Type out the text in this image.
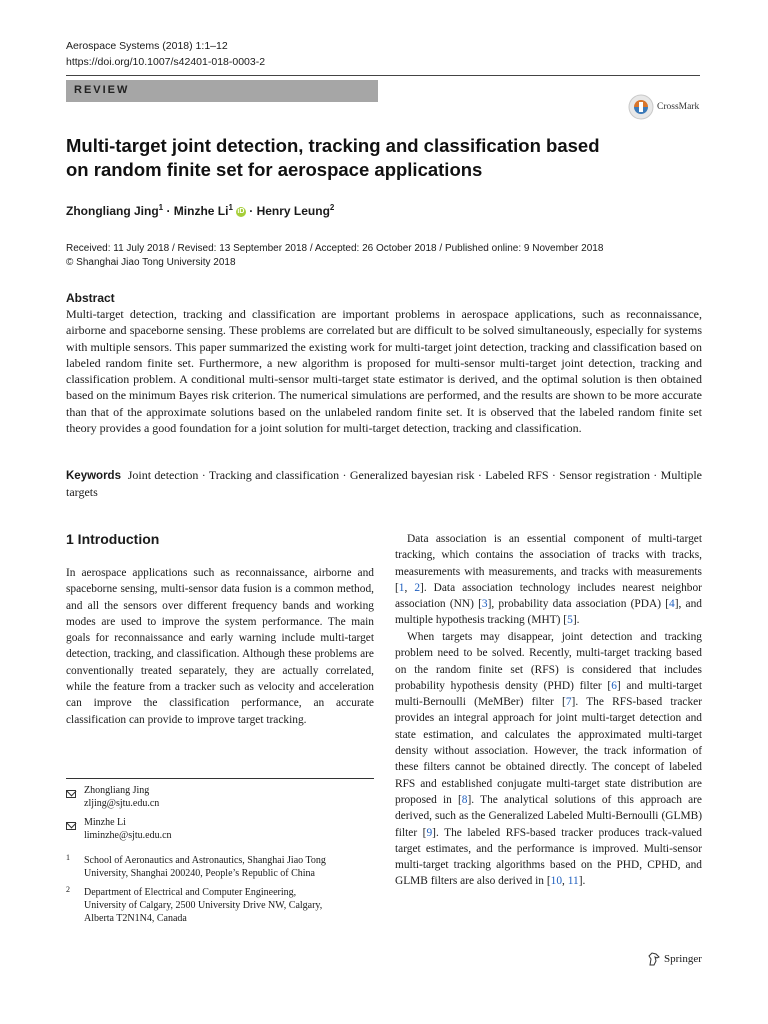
Aerospace Systems (2018) 1:1–12
https://doi.org/10.1007/s42401-018-0003-2
REVIEW
CrossMark
Multi-target joint detection, tracking and classification based on random finite set for aerospace applications
Zhongliang Jing$^1$ · Minzhe Li$^1$ iD · Henry Leung$^2$
Received: 11 July 2018 / Revised: 13 September 2018 / Accepted: 26 October 2018 / Published online: 9 November 2018
© Shanghai Jiao Tong University 2018
Abstract
Multi-target detection, tracking and classification are important problems in aerospace applications, such as reconnaissance, airborne and spaceborne sensing. These problems are correlated but are difficult to be solved simultaneously, especially for systems with multiple sensors. This paper summarized the existing work for multi-target joint detection, tracking and classification based on labeled random finite set. Furthermore, a new algorithm is proposed for multi-sensor multi-target joint detection, tracking and classification problem. A conditional multi-sensor multi-target state estimator is derived, and the optimal solution is then obtained based on the minimum Bayes risk criterion. The numerical simulations are performed, and the results are shown to be more accurate than that of the approximate solutions based on the unlabeled random finite set. It is observed that the labeled random finite set theory provides a good foundation for a joint solution for multi-target detection, tracking and classification.
Keywords Joint detection · Tracking and classification · Generalized bayesian risk · Labeled RFS · Sensor registration · Multiple targets
1 Introduction
In aerospace applications such as reconnaissance, airborne and spaceborne sensing, multi-sensor data fusion is a common method, and all the sensors over different frequency bands and working modes are used to improve the system performance. The main goals for reconnaissance and early warning include multi-target detection, tracking, and classification. Although these problems are conventionally treated separately, they are actually correlated, while the feature from a tracker such as velocity and acceleration can improve the classification performance, an accurate classification can provide to improve target tracking.
Data association is an essential component of multi-target tracking, which contains the association of tracks with tracks, measurements with measurements, and tracks with measurements [1, 2]. Data association technology includes nearest neighbor association (NN) [3], probability data association (PDA) [4], and multiple hypothesis tracking (MHT) [5].
When targets may disappear, joint detection and tracking problem need to be solved. Recently, multi-target tracking based on the random finite set (RFS) is considered that includes probability hypothesis density (PHD) filter [6] and multi-target multi-Bernoulli (MeMBer) filter [7]. The RFS-based tracker provides an integral approach for joint multi-target detection and state estimation, and calculates the approximated multi-target density without association. However, the track information of these filters cannot be obtained directly. The concept of labeled RFS and established conjugate multi-target state distribution are proposed in [8]. The analytical solutions of this approach are derived, such as the Generalized Labeled Multi-Bernoulli (GLMB) filter [9]. The labeled RFS-based tracker produces track-valued target estimates, and the performance is improved. Multi-sensor multi-target tracking algorithms based on the PHD, CPHD, and GLMB filters are also derived in [10, 11].
Zhongliang Jing
zljing@sjtu.edu.cn
Minzhe Li
liminzhe@sjtu.edu.cn
1 School of Aeronautics and Astronautics, Shanghai Jiao Tong
University, Shanghai 200240, People’s Republic of China
2 Department of Electrical and Computer Engineering,
University of Calgary, 2500 University Drive NW, Calgary,
Alberta T2N1N4, Canada
Springer
